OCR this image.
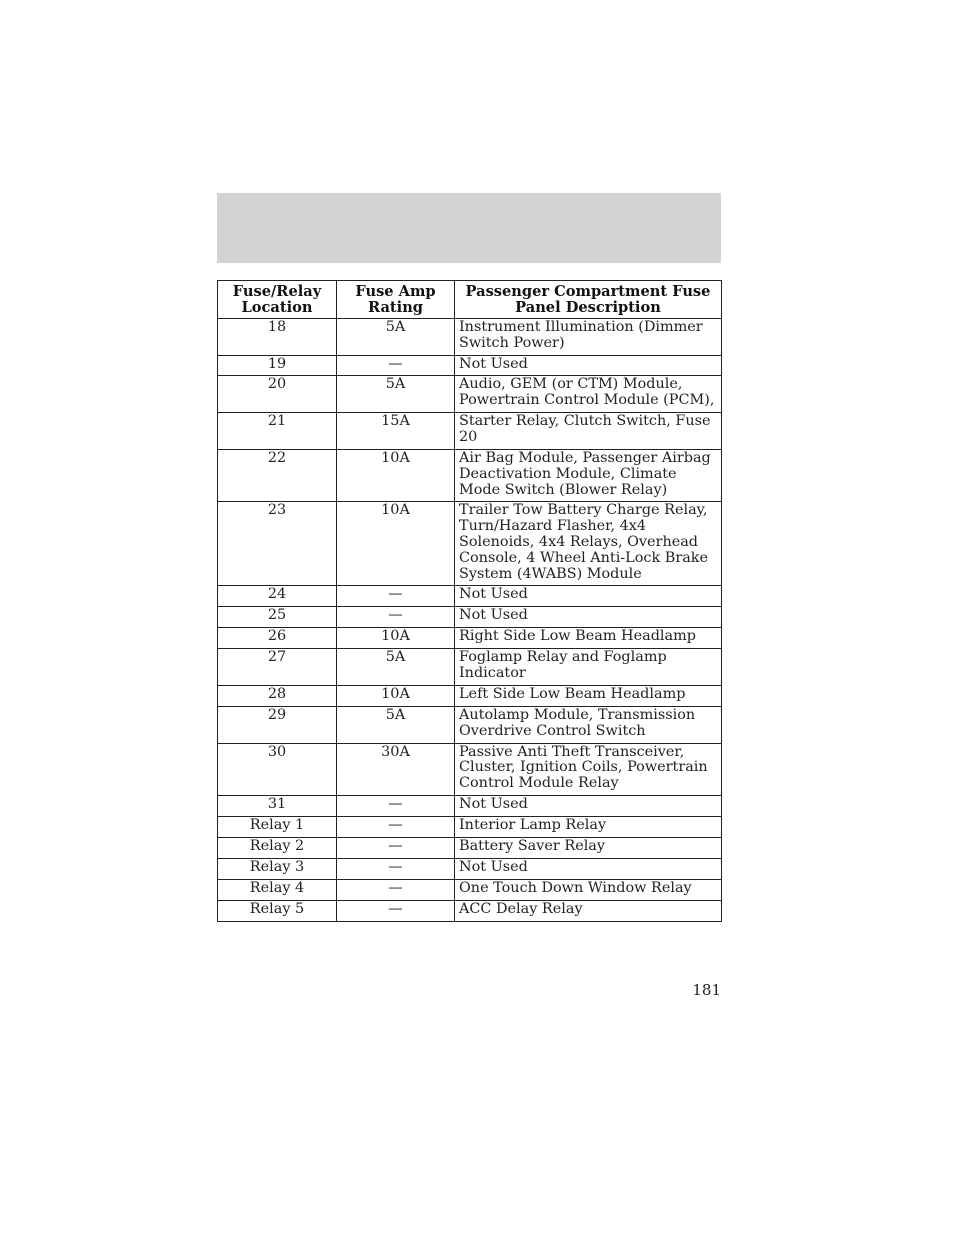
Fuse/Relay Location	Fuse Amp Rating	Passenger Compartment Fuse Panel Description

18	5A	Instrument Illumination (Dimmer Switch Power)

19	—	Not Used

20	5A	Audio, GEM (or CTM) Module, Powertrain Control Module (PCM),

21	15A	Starter Relay, Clutch Switch, Fuse 20

22	10A	Air Bag Module, Passenger Airbag Deactivation Module, Climate Mode Switch (Blower Relay)

23	10A	Trailer Tow Battery Charge Relay, Turn/Hazard Flasher, 4x4 Solenoids, 4x4 Relays, Overhead Console, 4 Wheel Anti-Lock Brake System (4WABS) Module

24	—	Not Used

25	—	Not Used

26	10A	Right Side Low Beam Headlamp

27	5A	Foglamp Relay and Foglamp Indicator

28	10A	Left Side Low Beam Headlamp

29	5A	Autolamp Module, Transmission Overdrive Control Switch

30	30A	Passive Anti Theft Transceiver, Cluster, Ignition Coils, Powertrain Control Module Relay

31	—	Not Used

Relay 1	—	Interior Lamp Relay

Relay 2	—	Battery Saver Relay

Relay 3	—	Not Used

Relay 4	—	One Touch Down Window Relay

Relay 5	—	ACC Delay Relay
181
